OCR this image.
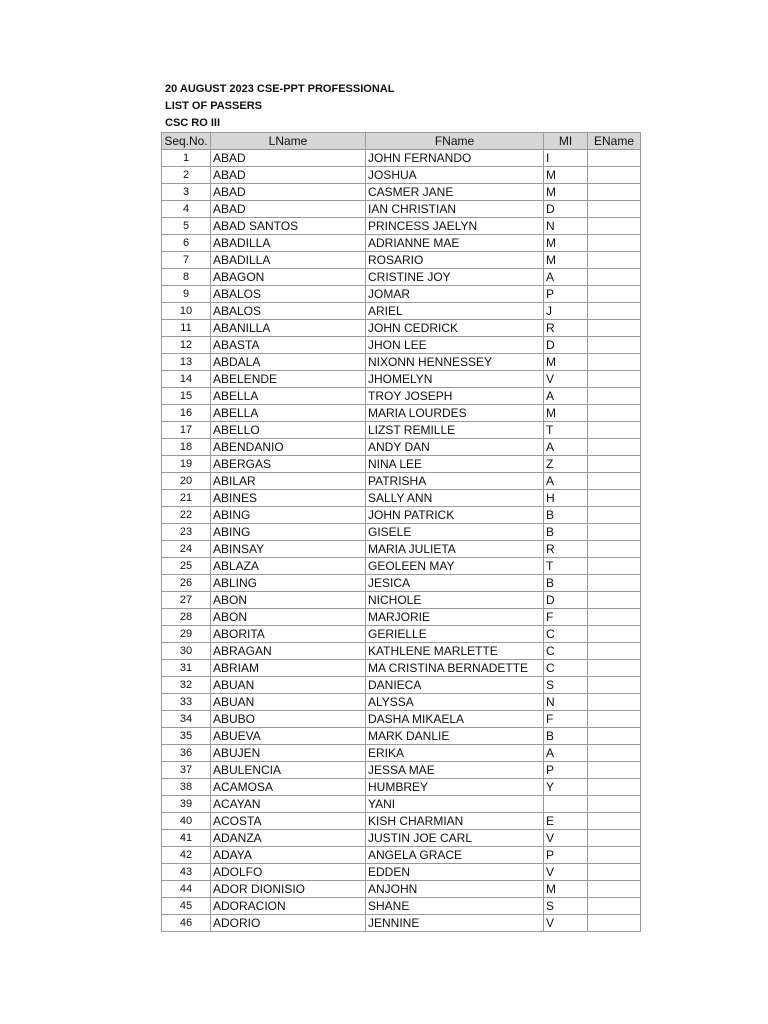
20 AUGUST 2023 CSE-PPT PROFESSIONAL
LIST OF PASSERS
CSC RO III
Seq.No.	LName	FName	MI	EName
1	ABAD	JOHN FERNANDO	I	
2	ABAD	JOSHUA	M	
3	ABAD	CASMER JANE	M	
4	ABAD	IAN CHRISTIAN	D	
5	ABAD SANTOS	PRINCESS JAELYN	N	
6	ABADILLA	ADRIANNE MAE	M	
7	ABADILLA	ROSARIO	M	
8	ABAGON	CRISTINE JOY	A	
9	ABALOS	JOMAR	P	
10	ABALOS	ARIEL	J	
11	ABANILLA	JOHN CEDRICK	R	
12	ABASTA	JHON LEE	D	
13	ABDALA	NIXONN HENNESSEY	M	
14	ABELENDE	JHOMELYN	V	
15	ABELLA	TROY JOSEPH	A	
16	ABELLA	MARIA LOURDES	M	
17	ABELLO	LIZST REMILLE	T	
18	ABENDANIO	ANDY DAN	A	
19	ABERGAS	NINA LEE	Z	
20	ABILAR	PATRISHA	A	
21	ABINES	SALLY ANN	H	
22	ABING	JOHN PATRICK	B	
23	ABING	GISELE	B	
24	ABINSAY	MARIA JULIETA	R	
25	ABLAZA	GEOLEEN MAY	T	
26	ABLING	JESICA	B	
27	ABON	NICHOLE	D	
28	ABON	MARJORIE	F	
29	ABORITA	GERIELLE	C	
30	ABRAGAN	KATHLENE MARLETTE	C	
31	ABRIAM	MA CRISTINA BERNADETTE	C	
32	ABUAN	DANIECA	S	
33	ABUAN	ALYSSA	N	
34	ABUBO	DASHA MIKAELA	F	
35	ABUEVA	MARK DANLIE	B	
36	ABUJEN	ERIKA	A	
37	ABULENCIA	JESSA MAE	P	
38	ACAMOSA	HUMBREY	Y	
39	ACAYAN	YANI		
40	ACOSTA	KISH CHARMIAN	E	
41	ADANZA	JUSTIN JOE CARL	V	
42	ADAYA	ANGELA GRACE	P	
43	ADOLFO	EDDEN	V	
44	ADOR DIONISIO	ANJOHN	M	
45	ADORACION	SHANE	S	
46	ADORIO	JENNINE	V	
